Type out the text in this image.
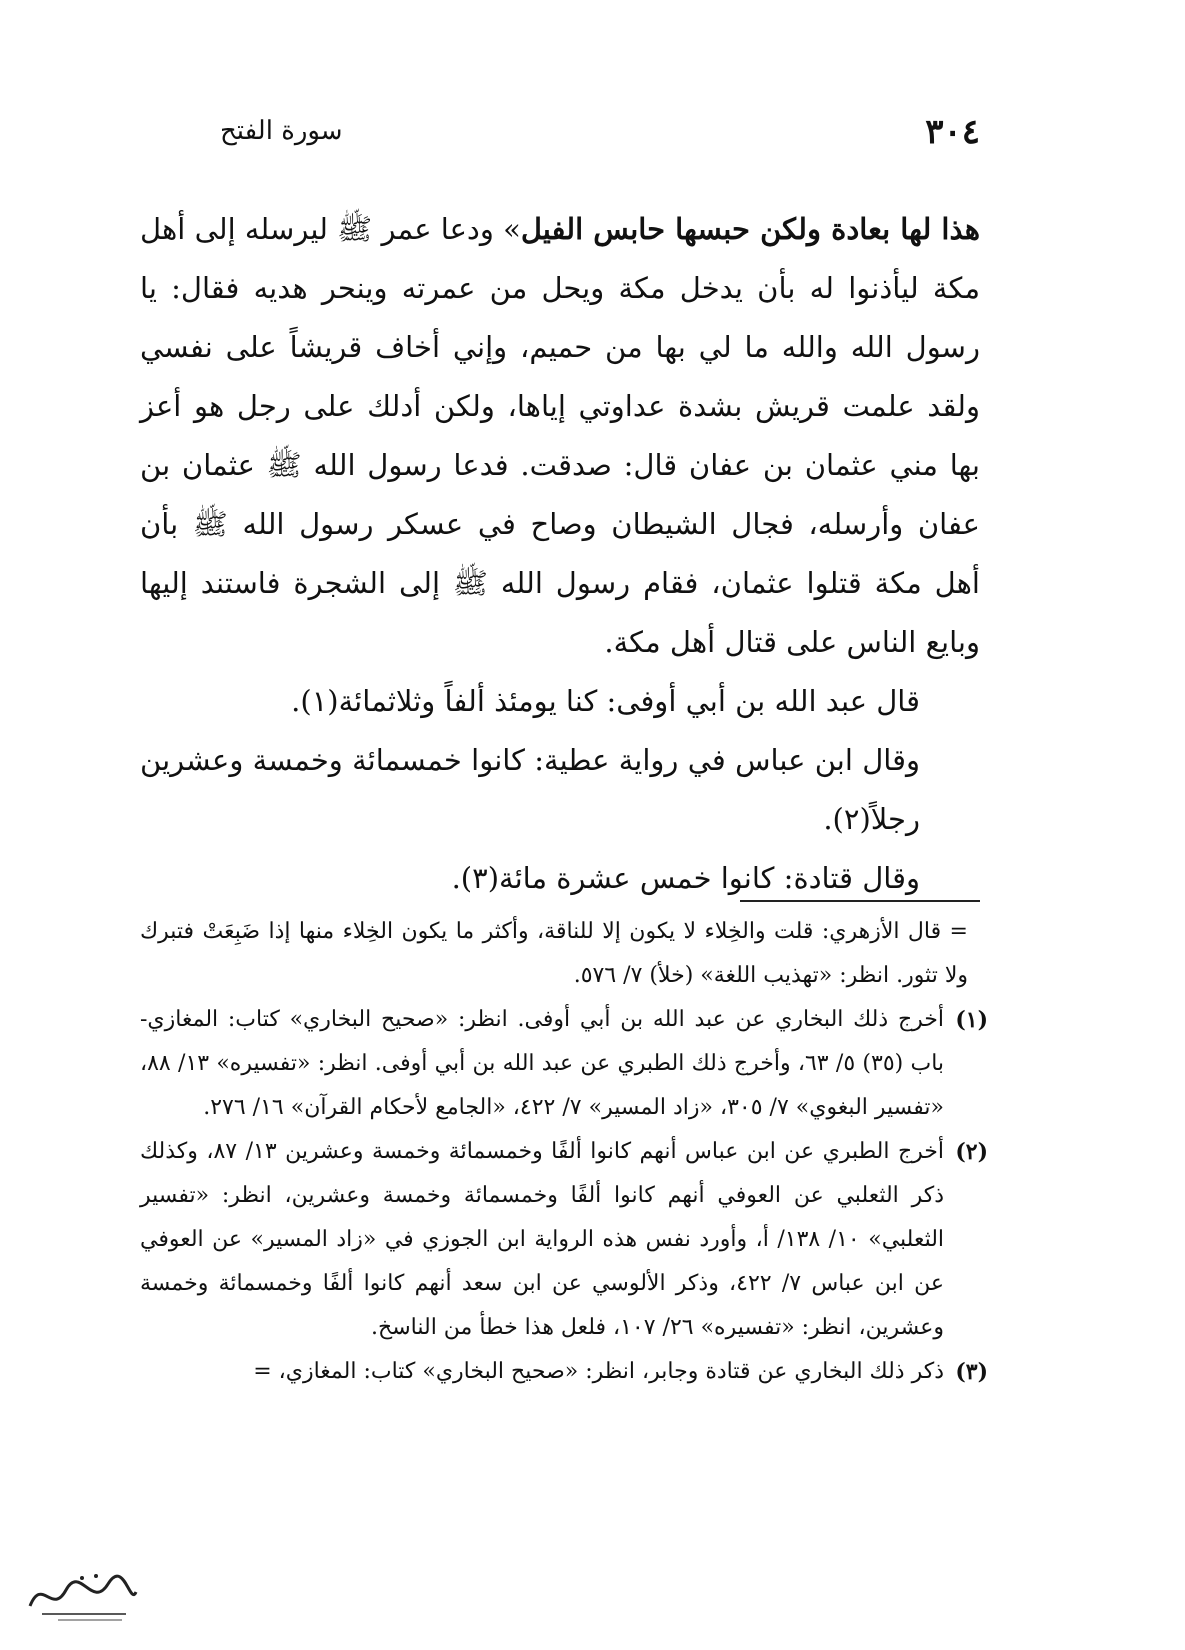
٣٠٤
سورة الفتح

هذا لها بعادة ولكن حبسها حابس الفيل» ودعا عمر ﷺ ليرسله إلى أهل مكة ليأذنوا له بأن يدخل مكة ويحل من عمرته وينحر هديه فقال: يا رسول الله والله ما لي بها من حميم، وإني أخاف قريشاً على نفسي ولقد علمت قريش بشدة عداوتي إياها، ولكن أدلك على رجل هو أعز بها مني عثمان بن عفان قال: صدقت. فدعا رسول الله ﷺ عثمان بن عفان وأرسله، فجال الشيطان وصاح في عسكر رسول الله ﷺ بأن أهل مكة قتلوا عثمان، فقام رسول الله ﷺ إلى الشجرة فاستند إليها وبايع الناس على قتال أهل مكة.

قال عبد الله بن أبي أوفى: كنا يومئذ ألفاً وثلاثمائة(١).

وقال ابن عباس في رواية عطية: كانوا خمسمائة وخمسة وعشرين رجلاً(٢).

وقال قتادة: كانوا خمس عشرة مائة(٣).

= قال الأزهري: قلت والخِلاء لا يكون إلا للناقة، وأكثر ما يكون الخِلاء منها إذا ضَبِعَتْ فتبرك ولا تثور. انظر: «تهذيب اللغة» (خلأ) ٧/ ٥٧٦.

(١)
أخرج ذلك البخاري عن عبد الله بن أبي أوفى. انظر: «صحيح البخاري» كتاب: المغازي- باب (٣٥) ٥/ ٦٣، وأخرج ذلك الطبري عن عبد الله بن أبي أوفى. انظر: «تفسيره» ١٣/ ٨٨، «تفسير البغوي» ٧/ ٣٠٥، «زاد المسير» ٧/ ٤٢٢، «الجامع لأحكام القرآن» ١٦/ ٢٧٦.
(٢)
أخرج الطبري عن ابن عباس أنهم كانوا ألفًا وخمسمائة وخمسة وعشرين ١٣/ ٨٧، وكذلك ذكر الثعلبي عن العوفي أنهم كانوا ألفًا وخمسمائة وخمسة وعشرين، انظر: «تفسير الثعلبي» ١٠/ ١٣٨/ أ، وأورد نفس هذه الرواية ابن الجوزي في «زاد المسير» عن العوفي عن ابن عباس ٧/ ٤٢٢، وذكر الألوسي عن ابن سعد أنهم كانوا ألفًا وخمسمائة وخمسة وعشرين، انظر: «تفسيره» ٢٦/ ١٠٧، فلعل هذا خطأ من الناسخ.
(٣)
ذكر ذلك البخاري عن قتادة وجابر، انظر: «صحيح البخاري» كتاب: المغازي، =
